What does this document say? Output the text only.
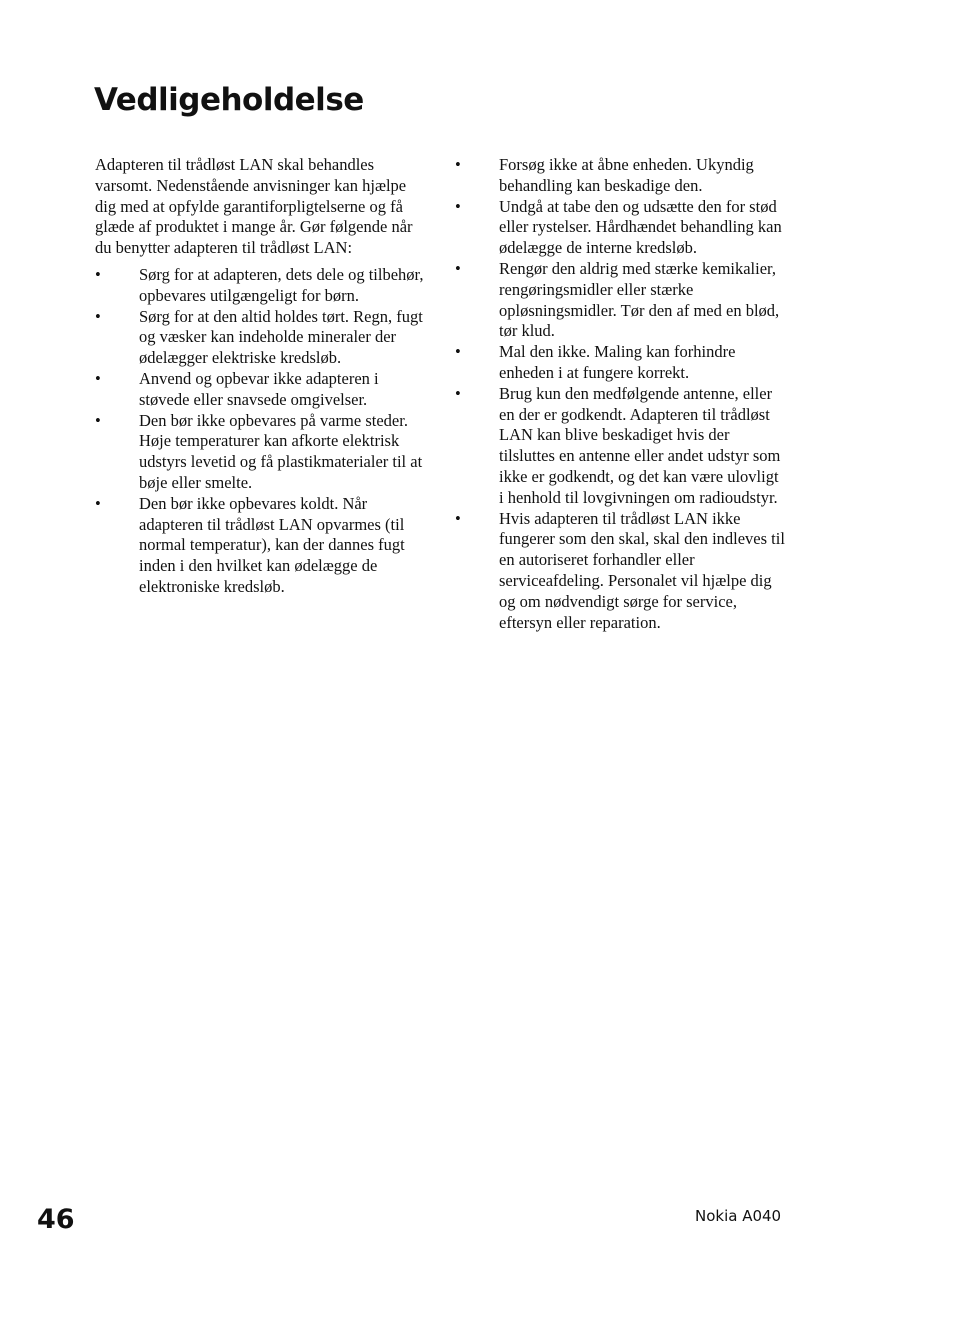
Vedligeholdelse

Adapteren til trådløst LAN skal behandles varsomt. Nedenstående anvisninger kan hjælpe dig med at opfylde garantiforpligtelserne og få glæde af produktet i mange år. Gør følgende når du benytter adapteren til trådløst LAN:

• Sørg for at adapteren, dets dele og tilbehør, opbevares utilgængeligt for børn.
• Sørg for at den altid holdes tørt. Regn, fugt og væsker kan indeholde mineraler der ødelægger elektriske kredsløb.
• Anvend og opbevar ikke adapteren i støvede eller snavsede omgivelser.
• Den bør ikke opbevares på varme steder. Høje temperaturer kan afkorte elektrisk udstyrs levetid og få plastikmaterialer til at bøje eller smelte.
• Den bør ikke opbevares koldt. Når adapteren til trådløst LAN opvarmes (til normal temperatur), kan der dannes fugt inden i den hvilket kan ødelægge de elektroniske kredsløb.
• Forsøg ikke at åbne enheden. Ukyndig behandling kan beskadige den.
• Undgå at tabe den og udsætte den for stød eller rystelser. Hårdhændet behandling kan ødelægge de interne kredsløb.
• Rengør den aldrig med stærke kemikalier, rengøringsmidler eller stærke opløsningsmidler. Tør den af med en blød, tør klud.
• Mal den ikke. Maling kan forhindre enheden i at fungere korrekt.
• Brug kun den medfølgende antenne, eller en der er godkendt. Adapteren til trådløst LAN kan blive beskadiget hvis der tilsluttes en antenne eller andet udstyr som ikke er godkendt, og det kan være ulovligt i henhold til lovgivningen om radioudstyr.
• Hvis adapteren til trådløst LAN ikke fungerer som den skal, skal den indleves til en autoriseret forhandler eller serviceafdeling. Personalet vil hjælpe dig og om nødvendigt sørge for service, eftersyn eller reparation.
46	Nokia A040
